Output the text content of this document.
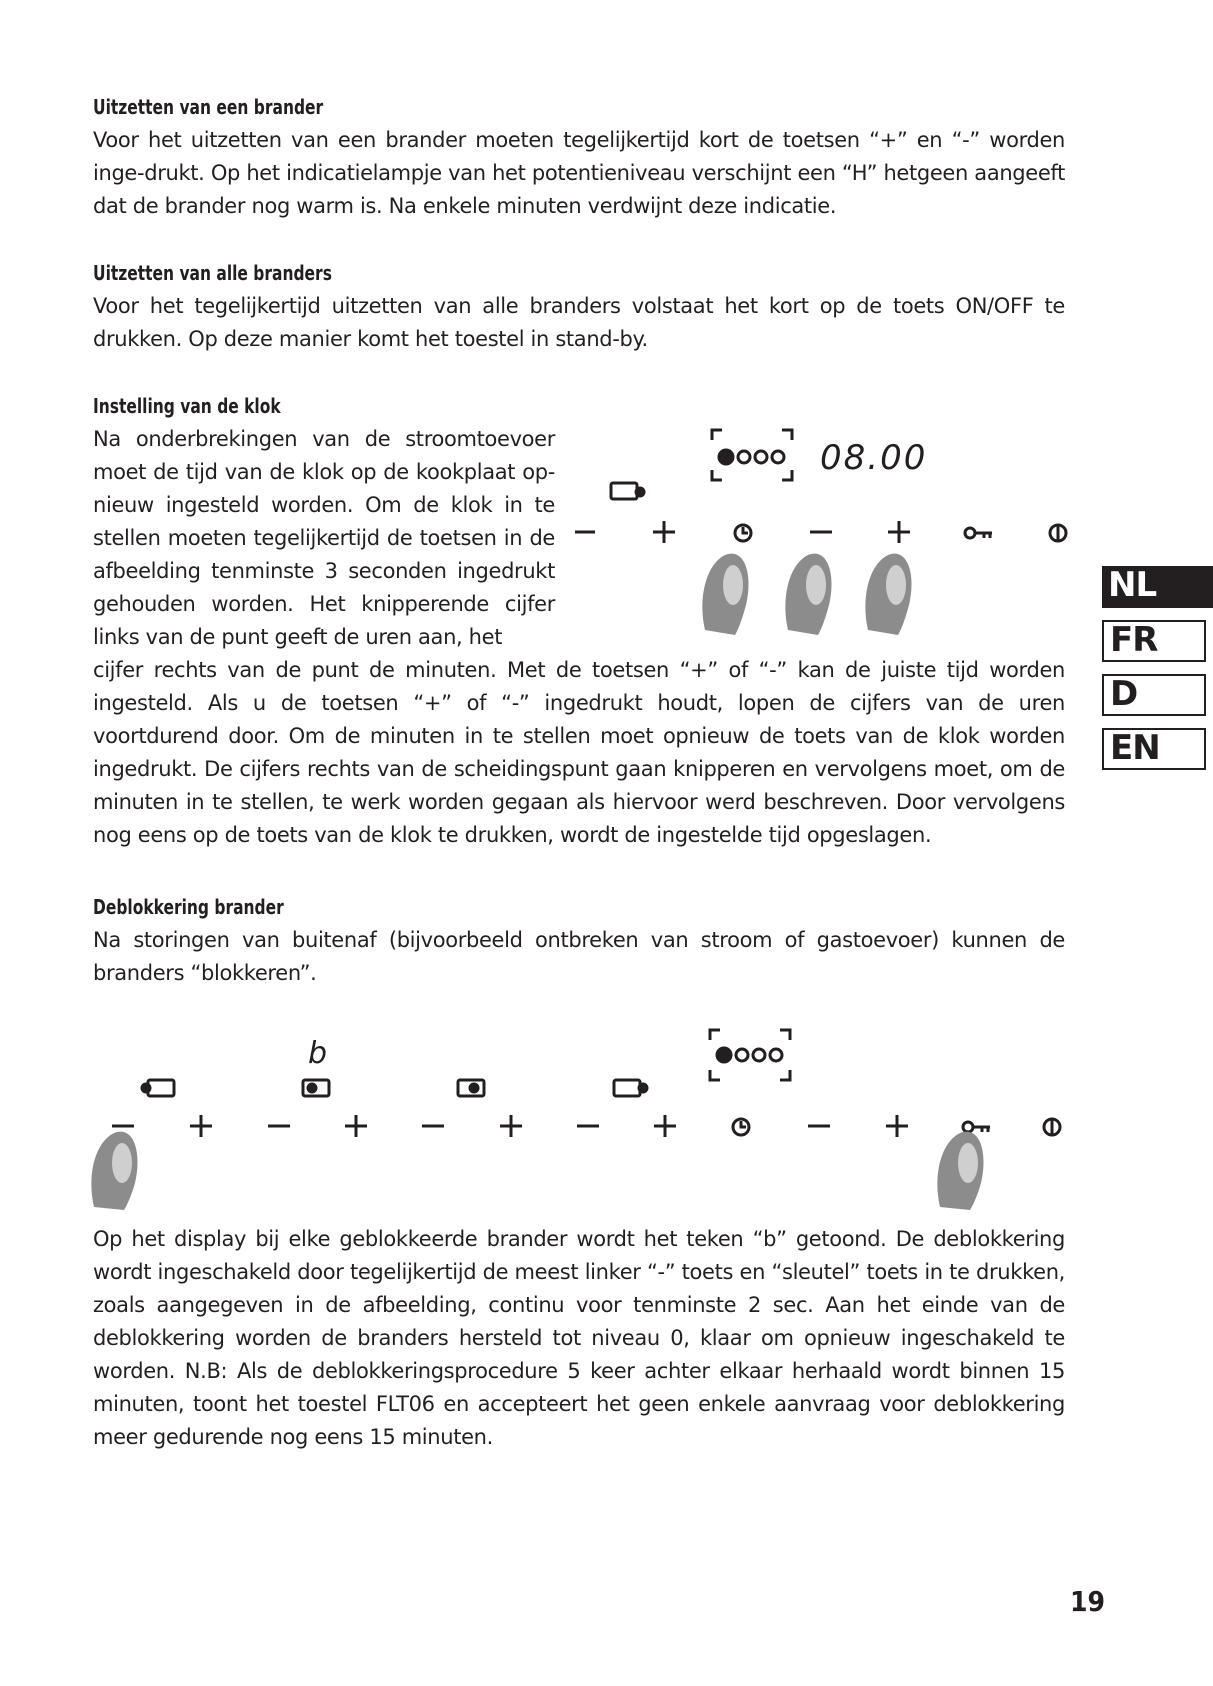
Uitzetten van een brander

Voor het uitzetten van een brander moeten tegelijkertijd kort de toetsen “+” en “-” worden inge-drukt. Op het indicatielampje van het potentieniveau verschijnt een “H” hetgeen aangeeft dat de brander nog warm is. Na enkele minuten verdwijnt deze indicatie.

Uitzetten van alle branders

Voor het tegelijkertijd uitzetten van alle branders volstaat het kort op de toets ON/OFF te drukken. Op deze manier komt het toestel in stand-by.

Instelling van de klok

Na onderbrekingen van de stroomtoevoer moet de tijd van de klok op de kookplaat op-nieuw ingesteld worden. Om de klok in te stellen moeten tegelijkertijd de toetsen in de afbeelding tenminste 3 seconden ingedrukt gehouden worden. Het knipperende cijfer links van de punt geeft de uren aan, het

cijfer rechts van de punt de minuten. Met de toetsen “+” of “-” kan de juiste tijd worden ingesteld. Als u de toetsen “+” of “-” ingedrukt houdt, lopen de cijfers van de uren voortdurend door. Om de minuten in te stellen moet opnieuw de toets van de klok worden ingedrukt. De cijfers rechts van de scheidingspunt gaan knipperen en vervolgens moet, om de minuten in te stellen, te werk worden gegaan als hiervoor werd beschreven. Door vervolgens nog eens op de toets van de klok te drukken, wordt de ingestelde tijd opgeslagen.

08.00

Deblokkering brander

Na storingen van buitenaf (bijvoorbeeld ontbreken van stroom of gastoevoer) kunnen de branders “blokkeren”.

b

Op het display bij elke geblokkeerde brander wordt het teken “b” getoond. De deblokkering wordt ingeschakeld door tegelijkertijd de meest linker “-” toets en “sleutel” toets in te drukken, zoals aangegeven in de afbeelding, continu voor tenminste 2 sec. Aan het einde van de deblokkering worden de branders hersteld tot niveau 0, klaar om opnieuw ingeschakeld te worden. N.B: Als de deblokkeringsprocedure 5 keer achter elkaar herhaald wordt binnen 15 minuten, toont het toestel FLT06 en accepteert het geen enkele aanvraag voor deblokkering meer gedurende nog eens 15 minuten.

NL
FR
D
EN
19
